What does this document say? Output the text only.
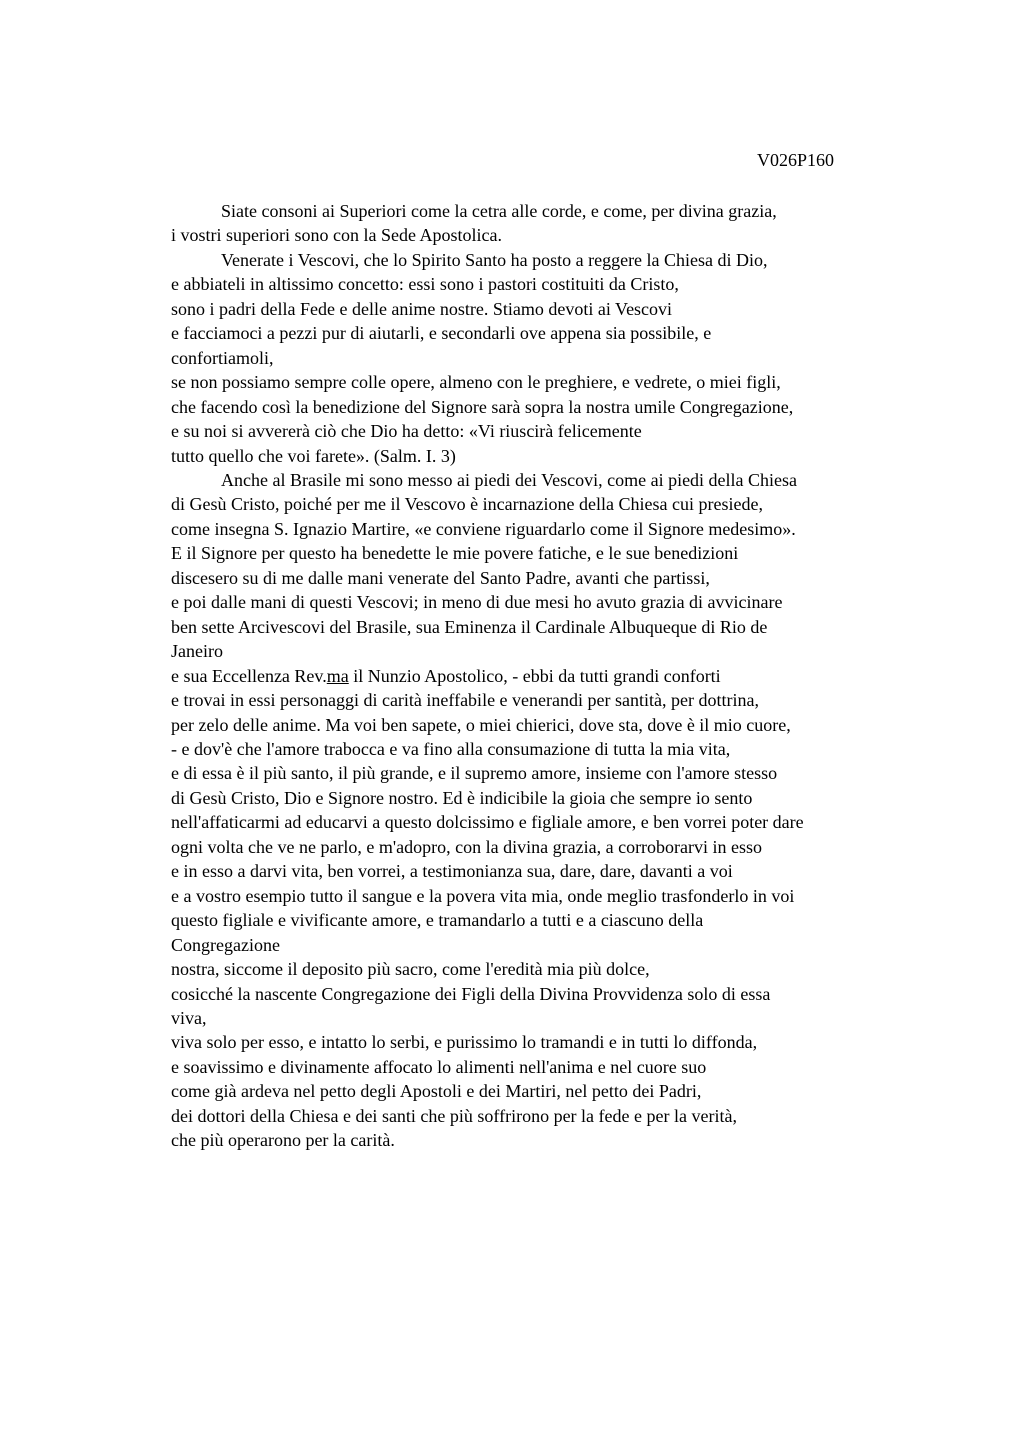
V026P160
Siate consoni ai Superiori come la cetra alle corde, e come, per divina grazia,
i vostri superiori sono con la Sede Apostolica.
Venerate i Vescovi, che lo Spirito Santo ha posto a reggere la Chiesa di Dio,
e abbiateli in altissimo concetto: essi sono i pastori costituiti da Cristo,
sono i padri della Fede e delle anime nostre. Stiamo devoti ai Vescovi
e facciamoci a pezzi pur di aiutarli, e secondarli ove appena sia possibile, e
confortiamoli,
se non possiamo sempre colle opere, almeno con le preghiere, e vedrete, o miei figli,
che facendo così la benedizione del Signore sarà sopra la nostra umile Congregazione,
e su noi si avvererà ciò che Dio ha detto: «Vi riuscirà felicemente
tutto quello che voi farete». (Salm. I. 3)
Anche al Brasile mi sono messo ai piedi dei Vescovi, come ai piedi della Chiesa
di Gesù Cristo, poiché per me il Vescovo è incarnazione della Chiesa cui presiede,
come insegna S. Ignazio Martire, «e conviene riguardarlo come il Signore medesimo».
E il Signore per questo ha benedette le mie povere fatiche, e le sue benedizioni
discesero su di me dalle mani venerate del Santo Padre, avanti che partissi,
e poi dalle mani di questi Vescovi; in meno di due mesi ho avuto grazia di avvicinare
ben sette Arcivescovi del Brasile, sua Eminenza il Cardinale Albuqueque di Rio de
Janeiro
e sua Eccellenza Rev.ma il Nunzio Apostolico, - ebbi da tutti grandi conforti
e trovai in essi personaggi di carità ineffabile e venerandi per santità, per dottrina,
per zelo delle anime. Ma voi ben sapete, o miei chierici, dove sta, dove è il mio cuore,
- e dov'è che l'amore trabocca e va fino alla consumazione di tutta la mia vita,
e di essa è il più santo, il più grande, e il supremo amore, insieme con l'amore stesso
di Gesù Cristo, Dio e Signore nostro. Ed è indicibile la gioia che sempre io sento
nell'affaticarmi ad educarvi a questo dolcissimo e figliale amore, e ben vorrei poter dare
ogni volta che ve ne parlo, e m'adopro, con la divina grazia, a corroborarvi in esso
e in esso a darvi vita, ben vorrei, a testimonianza sua, dare, dare, davanti a voi
e a vostro esempio tutto il sangue e la povera vita mia, onde meglio trasfonderlo in voi
questo figliale e vivificante amore, e tramandarlo a tutti e a ciascuno della
Congregazione
nostra, siccome il deposito più sacro, come l'eredità mia più dolce,
cosicché la nascente Congregazione dei Figli della Divina Provvidenza solo di essa
viva,
viva solo per esso, e intatto lo serbi, e purissimo lo tramandi e in tutti lo diffonda,
e soavissimo e divinamente affocato lo alimenti nell'anima e nel cuore suo
come già ardeva nel petto degli Apostoli e dei Martiri, nel petto dei Padri,
dei dottori della Chiesa e dei santi che più soffrirono per la fede e per la verità,
che più operarono per la carità.
